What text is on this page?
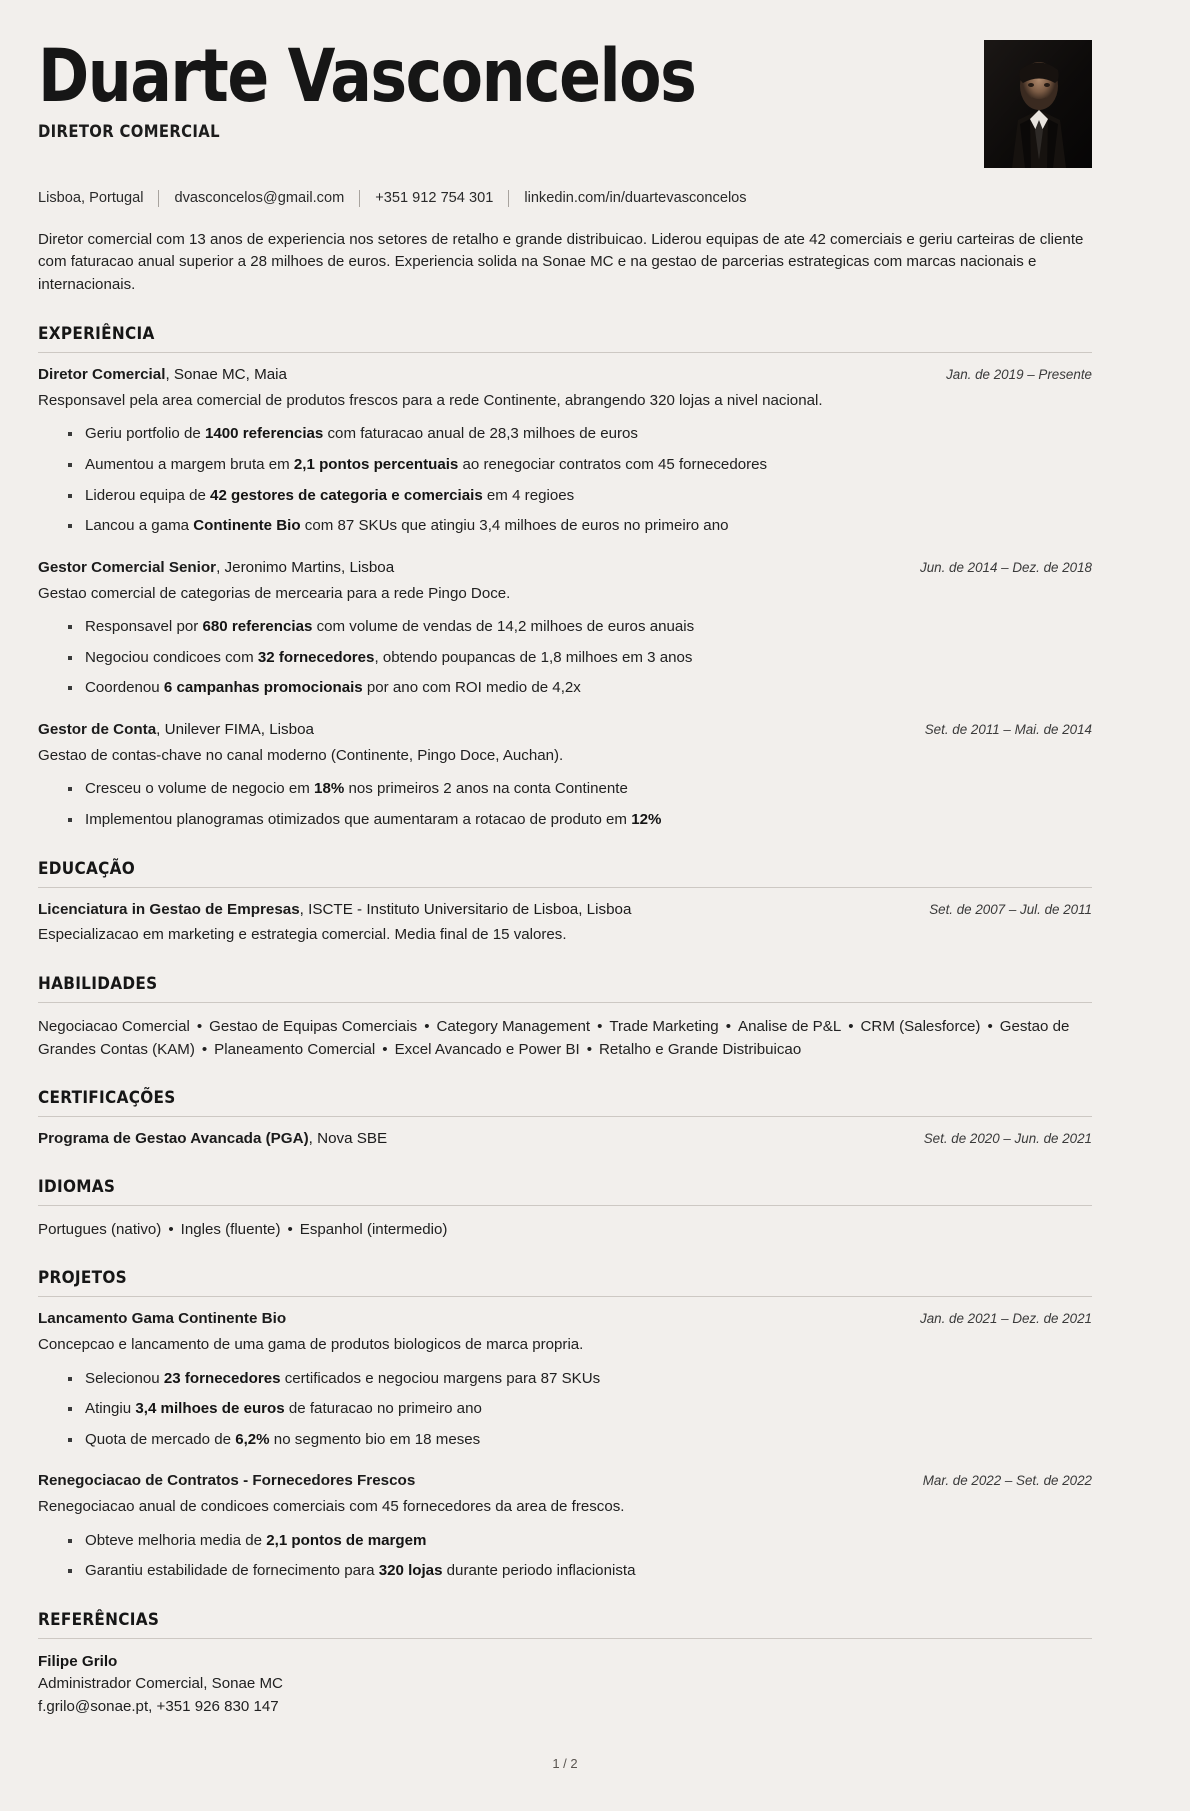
Duarte Vasconcelos
DIRETOR COMERCIAL
Lisboa, Portugal dvasconcelos@gmail.com +351 912 754 301 linkedin.com/in/duartevasconcelos

Diretor comercial com 13 anos de experiencia nos setores de retalho e grande distribuicao. Liderou equipas de ate 42 comerciais e geriu carteiras de cliente com faturacao anual superior a 28 milhoes de euros. Experiencia solida na Sonae MC e na gestao de parcerias estrategicas com marcas nacionais e internacionais.

EXPERIÊNCIA
Diretor Comercial, Sonae MC, Maia	Jan. de 2019 – Presente
Responsavel pela area comercial de produtos frescos para a rede Continente, abrangendo 320 lojas a nivel nacional.
Geriu portfolio de 1400 referencias com faturacao anual de 28,3 milhoes de euros
Aumentou a margem bruta em 2,1 pontos percentuais ao renegociar contratos com 45 fornecedores
Liderou equipa de 42 gestores de categoria e comerciais em 4 regioes
Lancou a gama Continente Bio com 87 SKUs que atingiu 3,4 milhoes de euros no primeiro ano
Gestor Comercial Senior, Jeronimo Martins, Lisboa	Jun. de 2014 – Dez. de 2018
Gestao comercial de categorias de mercearia para a rede Pingo Doce.
Responsavel por 680 referencias com volume de vendas de 14,2 milhoes de euros anuais
Negociou condicoes com 32 fornecedores, obtendo poupancas de 1,8 milhoes em 3 anos
Coordenou 6 campanhas promocionais por ano com ROI medio de 4,2x
Gestor de Conta, Unilever FIMA, Lisboa	Set. de 2011 – Mai. de 2014
Gestao de contas-chave no canal moderno (Continente, Pingo Doce, Auchan).
Cresceu o volume de negocio em 18% nos primeiros 2 anos na conta Continente
Implementou planogramas otimizados que aumentaram a rotacao de produto em 12%
EDUCAÇÃO
Licenciatura in Gestao de Empresas, ISCTE - Instituto Universitario de Lisboa, Lisboa	Set. de 2007 – Jul. de 2011
Especializacao em marketing e estrategia comercial. Media final de 15 valores.
HABILIDADES
Negociacao Comercial • Gestao de Equipas Comerciais • Category Management • Trade Marketing • Analise de P&L • CRM (Salesforce) • Gestao de Grandes Contas (KAM) • Planeamento Comercial • Excel Avancado e Power BI • Retalho e Grande Distribuicao
CERTIFICAÇÕES
Programa de Gestao Avancada (PGA), Nova SBE	Set. de 2020 – Jun. de 2021
IDIOMAS
Portugues (nativo) • Ingles (fluente) • Espanhol (intermedio)
PROJETOS
Lancamento Gama Continente Bio	Jan. de 2021 – Dez. de 2021
Concepcao e lancamento de uma gama de produtos biologicos de marca propria.
Selecionou 23 fornecedores certificados e negociou margens para 87 SKUs
Atingiu 3,4 milhoes de euros de faturacao no primeiro ano
Quota de mercado de 6,2% no segmento bio em 18 meses
Renegociacao de Contratos - Fornecedores Frescos	Mar. de 2022 – Set. de 2022
Renegociacao anual de condicoes comerciais com 45 fornecedores da area de frescos.
Obteve melhoria media de 2,1 pontos de margem
Garantiu estabilidade de fornecimento para 320 lojas durante periodo inflacionista
REFERÊNCIAS
Filipe Grilo
Administrador Comercial, Sonae MC
f.grilo@sonae.pt, +351 926 830 147
1 / 2
